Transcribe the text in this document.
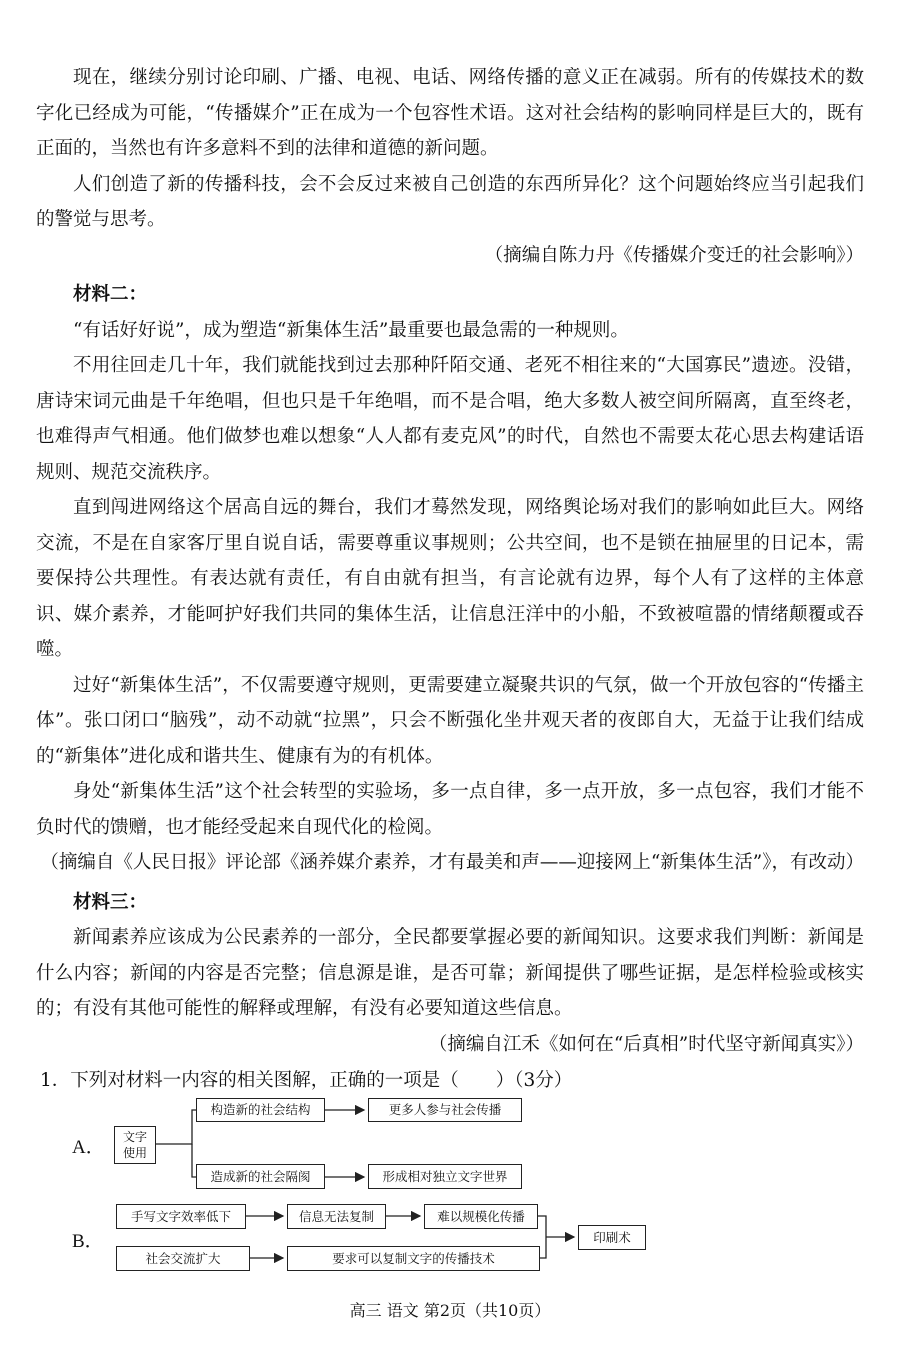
现在，继续分别讨论印刷、广播、电视、电话、网络传播的意义正在减弱。所有的传媒技术的数字化已经成为可能，“传播媒介”正在成为一个包容性术语。这对社会结构的影响同样是巨大的，既有正面的，当然也有许多意料不到的法律和道德的新问题。

人们创造了新的传播科技，会不会反过来被自己创造的东西所异化？这个问题始终应当引起我们的警觉与思考。

（摘编自陈力丹《传播媒介变迁的社会影响》）

材料二：

“有话好好说”，成为塑造“新集体生活”最重要也最急需的一种规则。

不用往回走几十年，我们就能找到过去那种阡陌交通、老死不相往来的“大国寡民”遗迹。没错，唐诗宋词元曲是千年绝唱，但也只是千年绝唱，而不是合唱，绝大多数人被空间所隔离，直至终老，也难得声气相通。他们做梦也难以想象“人人都有麦克风”的时代，自然也不需要太花心思去构建话语规则、规范交流秩序。

直到闯进网络这个居高自远的舞台，我们才蓦然发现，网络舆论场对我们的影响如此巨大。网络交流，不是在自家客厅里自说自话，需要尊重议事规则；公共空间，也不是锁在抽屉里的日记本，需要保持公共理性。有表达就有责任，有自由就有担当，有言论就有边界，每个人有了这样的主体意识、媒介素养，才能呵护好我们共同的集体生活，让信息汪洋中的小船，不致被喧嚣的情绪颠覆或吞噬。

过好“新集体生活”，不仅需要遵守规则，更需要建立凝聚共识的气氛，做一个开放包容的“传播主体”。张口闭口“脑残”，动不动就“拉黑”，只会不断强化坐井观天者的夜郎自大，无益于让我们结成的“新集体”进化成和谐共生、健康有为的有机体。

身处“新集体生活”这个社会转型的实验场，多一点自律，多一点开放，多一点包容，我们才能不负时代的馈赠，也才能经受起来自现代化的检阅。

（摘编自《人民日报》评论部《涵养媒介素养，才有最美和声——迎接网上“新集体生活”》，有改动）

材料三：

新闻素养应该成为公民素养的一部分，全民都要掌握必要的新闻知识。这要求我们判断：新闻是什么内容；新闻的内容是否完整；信息源是谁，是否可靠；新闻提供了哪些证据，是怎样检验或核实的；有没有其他可能性的解释或理解，有没有必要知道这些信息。

（摘编自江禾《如何在“后真相”时代坚守新闻真实》）

1．下列对材料一内容的相关图解，正确的一项是（　　）（3分）

A．	文字
使用
构造新的社会结构	更多人参与社会传播
造成新的社会隔阂	形成相对独立文字世界
B．
手写文字效率低下	信息无法复制	难以规模化传播
社会交流扩大	要求可以复制文字的传播技术
印刷术
高三 语文 第2页（共10页）
